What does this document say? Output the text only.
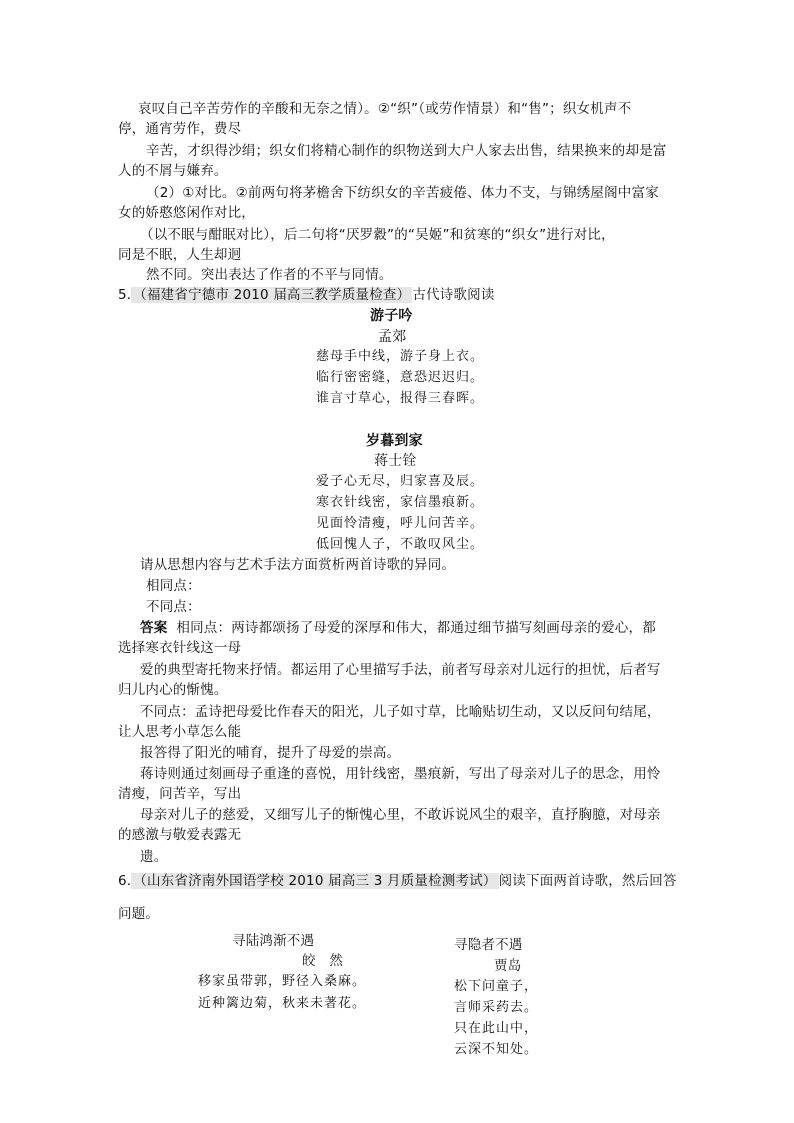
哀叹自己辛苦劳作的辛酸和无奈之情）。②“织”（或劳作情景）和“售”；织女机声不
停，通宵劳作，费尽
辛苦，才织得沙绢；织女们将精心制作的织物送到大户人家去出售，结果换来的却是富
人的不屑与嫌弃。
（2）①对比。②前两句将茅檐舍下纺织女的辛苦疲倦、体力不支，与锦绣屋阁中富家
女的娇憨悠闲作对比，
（以不眠与酣眠对比），后二句将“厌罗縠”的“吴姬”和贫寒的“织女”进行对比，
同是不眠，人生却迥
然不同。突出表达了作者的不平与同情。
5. （福建省宁德市 2010 届高三教学质量检查） 古代诗歌阅读
游子吟
孟郊
慈母手中线，游子身上衣。
临行密密缝，意恐迟迟归。
谁言寸草心，报得三春晖。
岁暮到家
蒋士铨
爱子心无尽，归家喜及辰。
寒衣针线密，家信墨痕新。
见面怜清瘦，呼儿问苦辛。
低回愧人子，不敢叹风尘。
请从思想内容与艺术手法方面赏析两首诗歌的异同。
相同点：
不同点：
答案 相同点：两诗都颂扬了母爱的深厚和伟大，都通过细节描写刻画母亲的爱心，都
选择寒衣针线这一母
爱的典型寄托物来抒情。都运用了心里描写手法，前者写母亲对儿远行的担忧，后者写
归儿内心的惭愧。
不同点：孟诗把母爱比作春天的阳光，儿子如寸草，比喻贴切生动，又以反问句结尾，
让人思考小草怎么能
报答得了阳光的哺育，提升了母爱的崇高。
蒋诗则通过刻画母子重逢的喜悦，用针线密，墨痕新，写出了母亲对儿子的思念，用怜
清瘦，问苦辛，写出
母亲对儿子的慈爱，又细写儿子的惭愧心里，不敢诉说风尘的艰辛，直抒胸臆，对母亲
的感激与敬爱表露无
遗。
6. （山东省济南外国语学校 2010 届高三 3 月质量检测考试） 阅读下面两首诗歌，然后回答
问题。
寻陆鸿渐不遇
皎　然
移家虽带郭，野径入桑麻。
近种篱边菊，秋来未著花。
寻隐者不遇
贾岛
松下问童子，
言师采药去。
只在此山中，
云深不知处。
